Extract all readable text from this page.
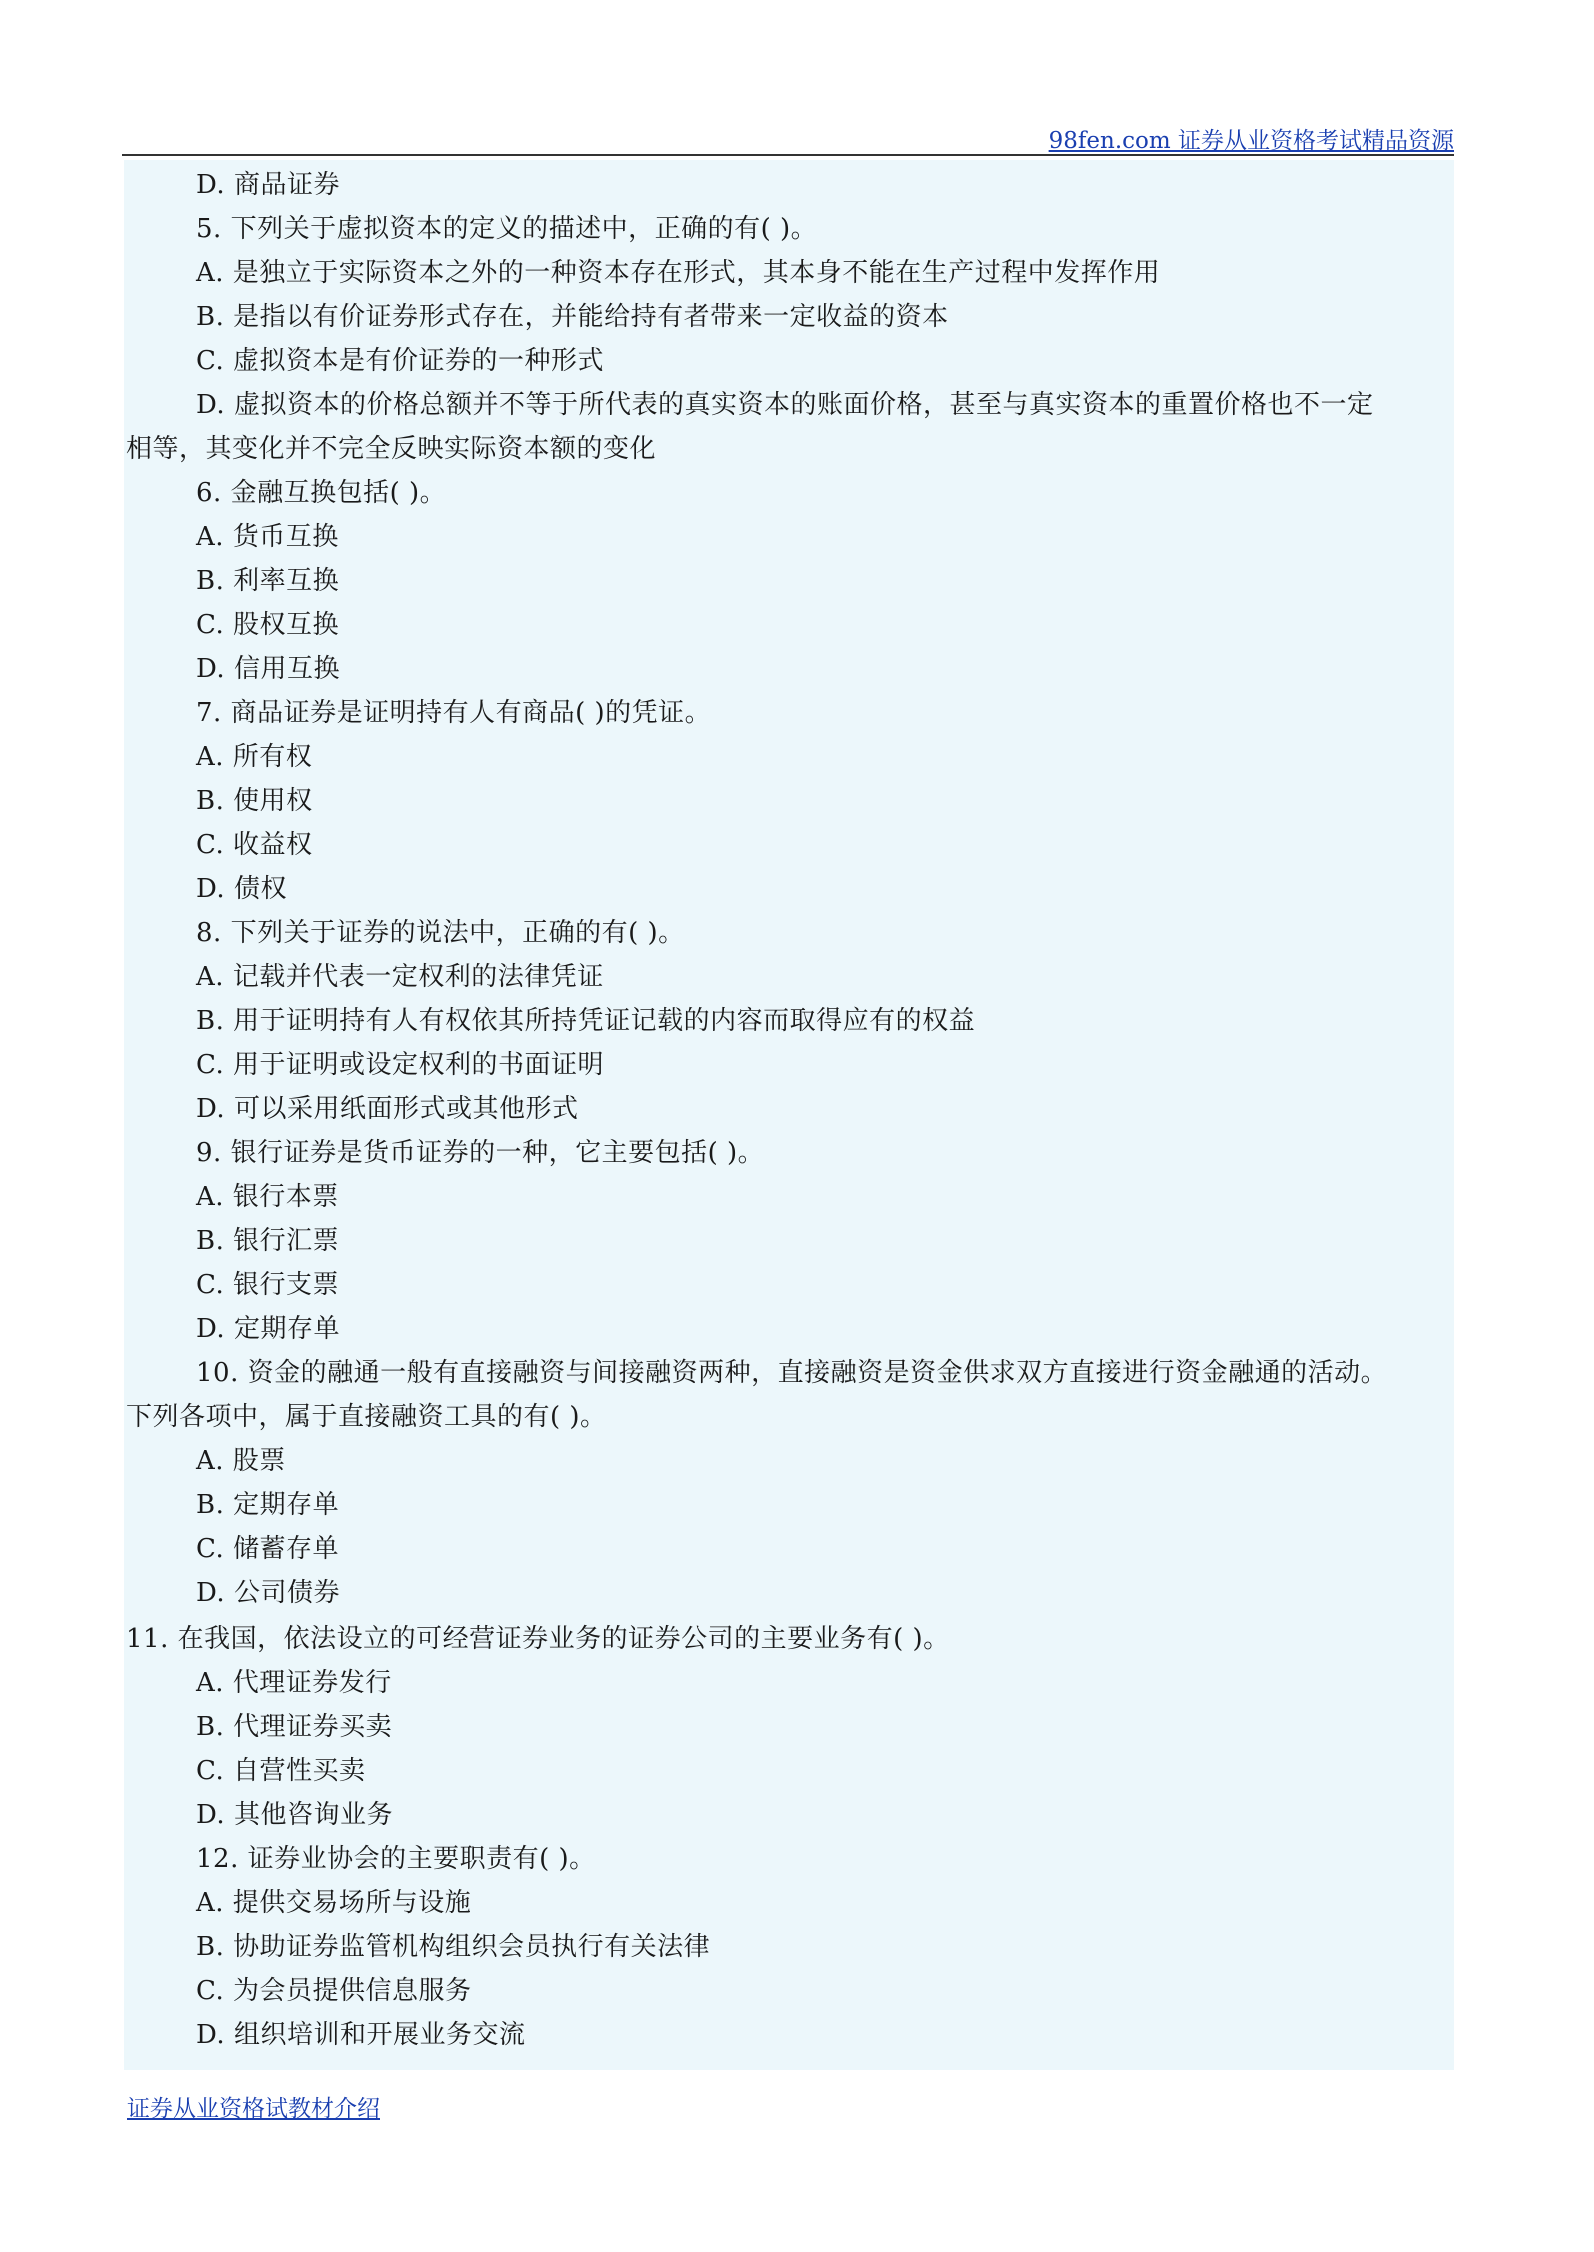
98fen.com 证券从业资格考试精品资源
D. 商品证券
5. 下列关于虚拟资本的定义的描述中，正确的有( )。
A. 是独立于实际资本之外的一种资本存在形式，其本身不能在生产过程中发挥作用
B. 是指以有价证券形式存在，并能给持有者带来一定收益的资本
C. 虚拟资本是有价证券的一种形式
D. 虚拟资本的价格总额并不等于所代表的真实资本的账面价格，甚至与真实资本的重置价格也不一定
相等，其变化并不完全反映实际资本额的变化
6. 金融互换包括( )。
A. 货币互换
B. 利率互换
C. 股权互换
D. 信用互换
7. 商品证券是证明持有人有商品( )的凭证。
A. 所有权
B. 使用权
C. 收益权
D. 债权
8. 下列关于证券的说法中，正确的有( )。
A. 记载并代表一定权利的法律凭证
B. 用于证明持有人有权依其所持凭证记载的内容而取得应有的权益
C. 用于证明或设定权利的书面证明
D. 可以采用纸面形式或其他形式
9. 银行证券是货币证券的一种，它主要包括( )。
A. 银行本票
B. 银行汇票
C. 银行支票
D. 定期存单
10. 资金的融通一般有直接融资与间接融资两种，直接融资是资金供求双方直接进行资金融通的活动。
下列各项中，属于直接融资工具的有( )。
A. 股票
B. 定期存单
C. 储蓄存单
D. 公司债券
11. 在我国，依法设立的可经营证券业务的证券公司的主要业务有( )。
A. 代理证券发行
B. 代理证券买卖
C. 自营性买卖
D. 其他咨询业务
12. 证券业协会的主要职责有( )。
A. 提供交易场所与设施
B. 协助证券监管机构组织会员执行有关法律
C. 为会员提供信息服务
D. 组织培训和开展业务交流
证券从业资格试教材介绍
